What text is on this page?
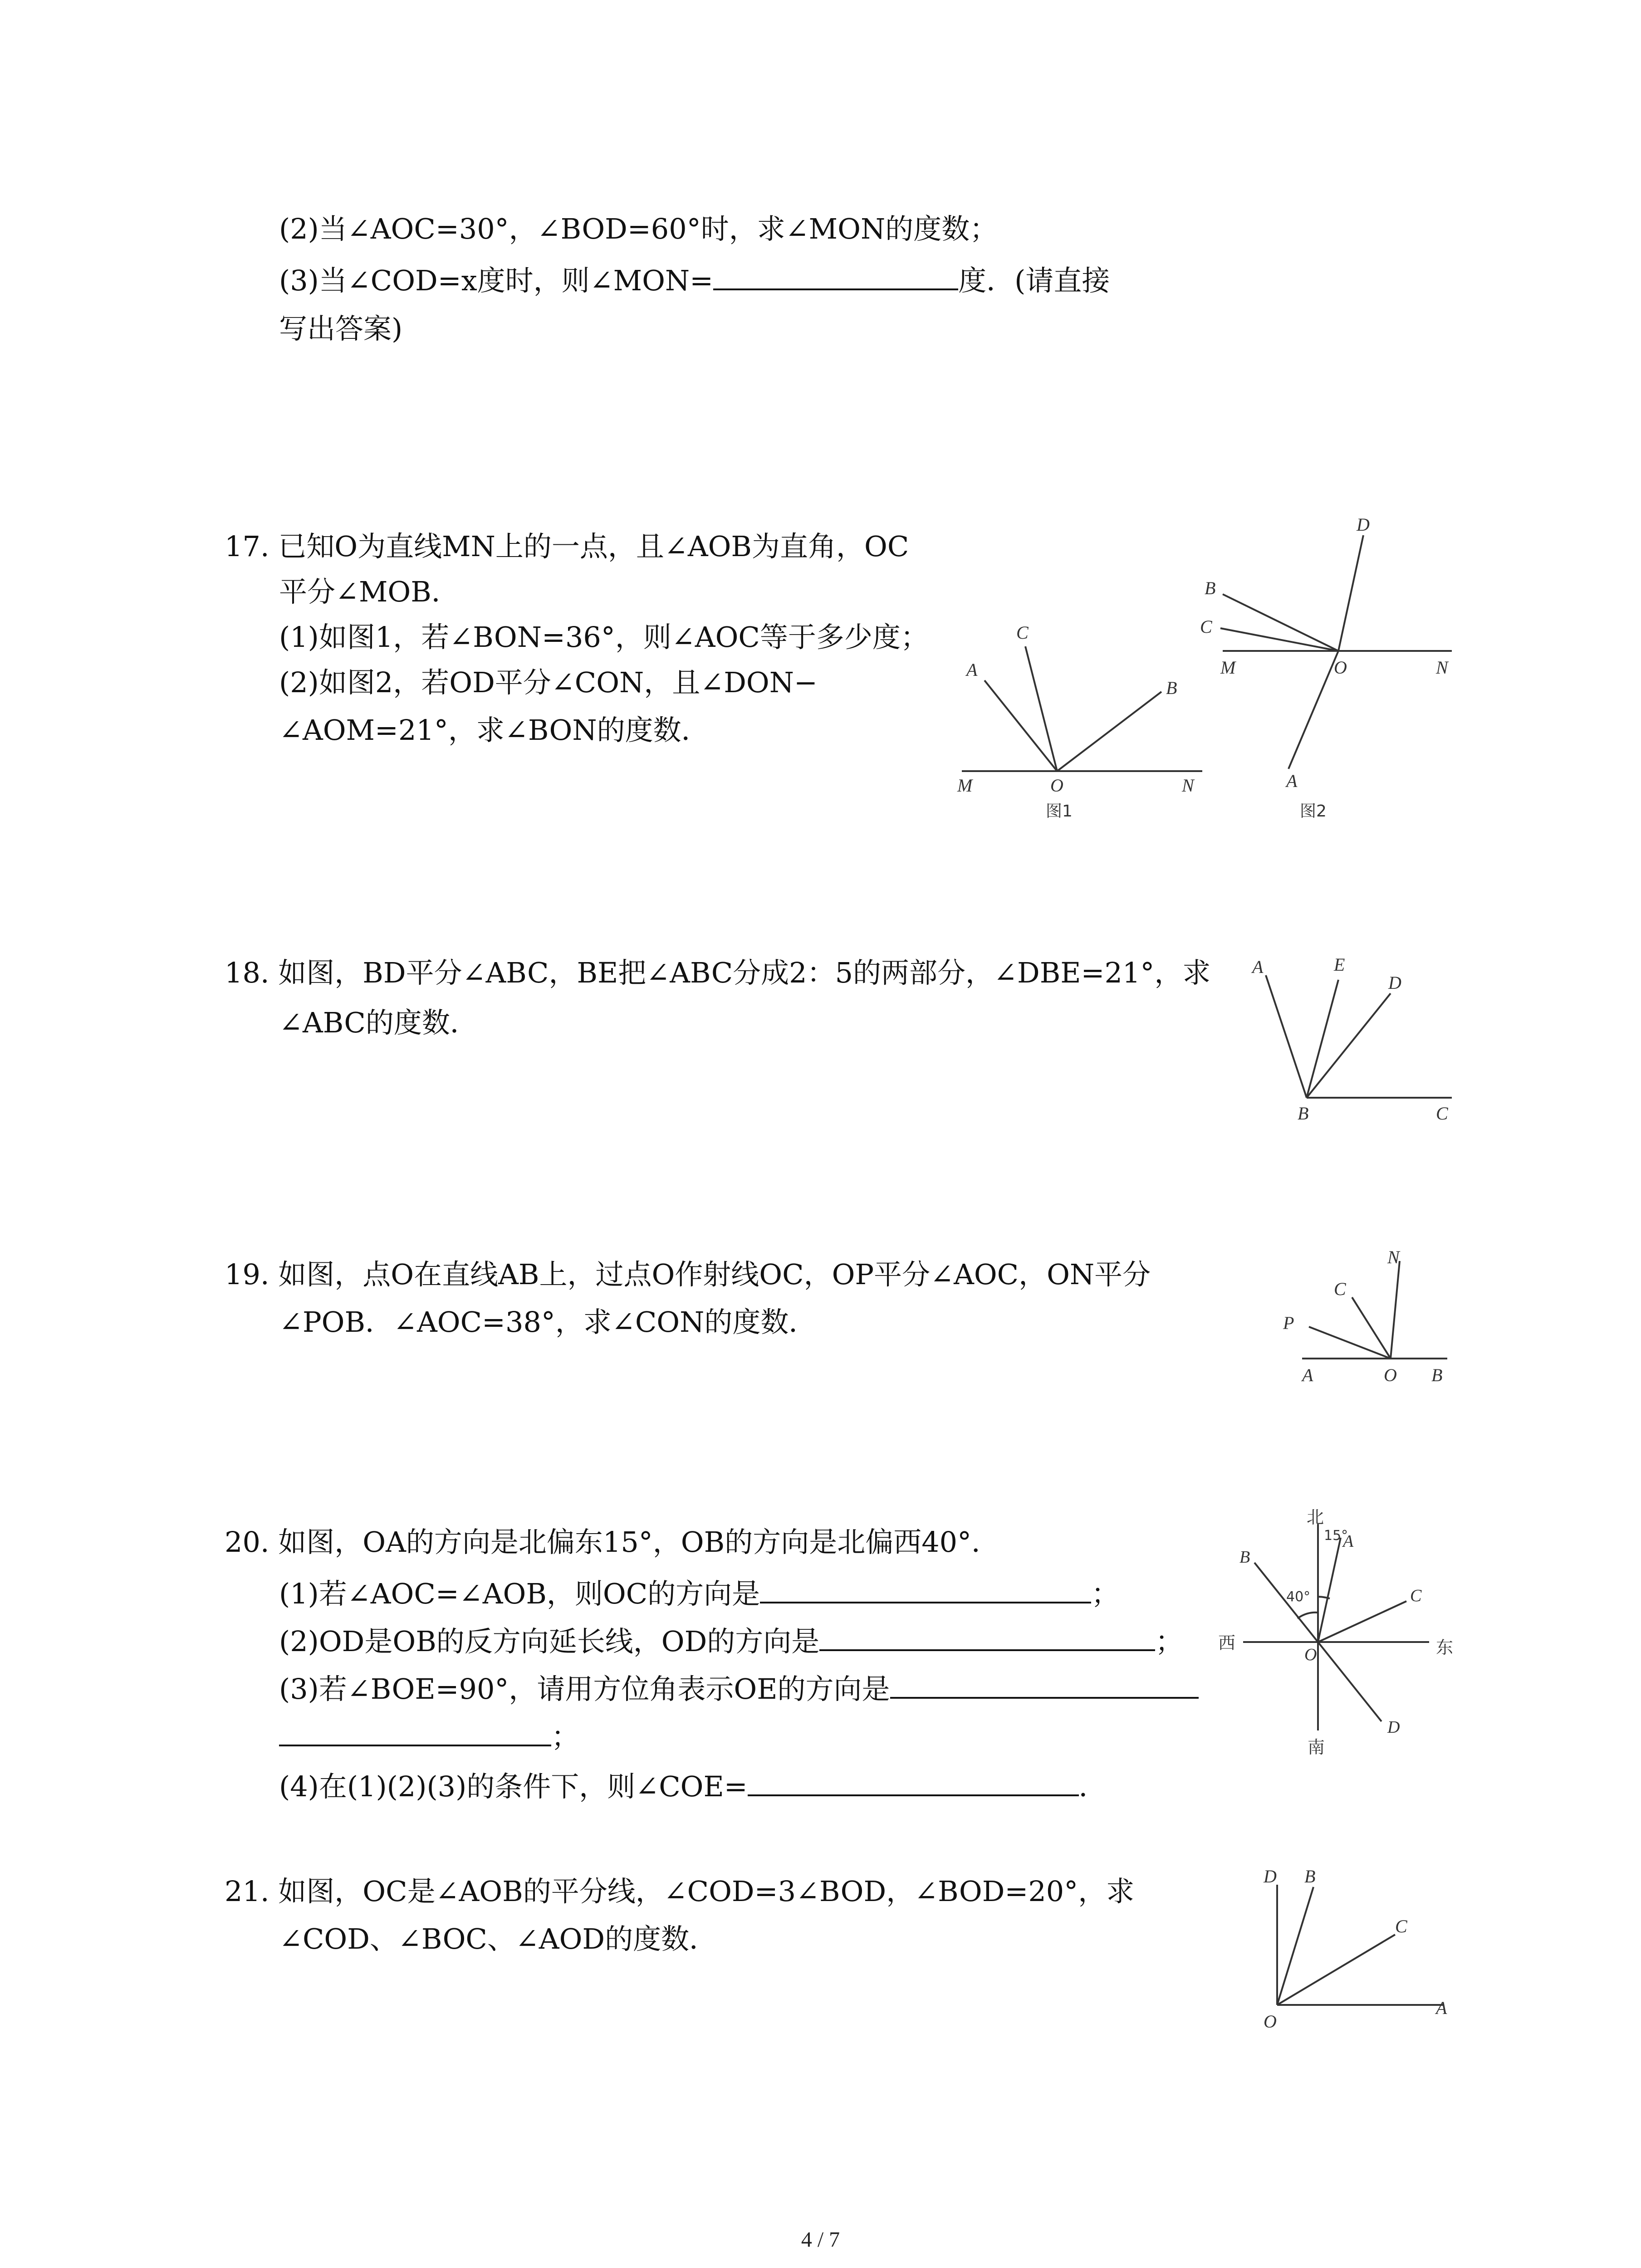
(2)当∠AOC=30°，∠BOD=60°时，求∠MON的度数；
(3)当∠COD=x度时，则∠MON=	度．(请直接
写出答案)
17. 已知O为直线MN上的一点，且∠AOB为直角，OC
平分∠MOB．
(1)如图1，若∠BON=36°，则∠AOC等于多少度；
(2)如图2，若OD平分∠CON，且∠DON−
∠AOM=21°，求∠BON的度数．
A
C
B
M	O	N
图1
D
B
C
M	O	N
A
图2
18. 如图，BD平分∠ABC，BE把∠ABC分成2：5的两部分，∠DBE=21°，求
∠ABC的度数．
A	E
D
B	C
19. 如图，点O在直线AB上，过点O作射线OC，OP平分∠AOC，ON平分
∠POB．∠AOC=38°，求∠CON的度数．
C
N
P
A	O B
20. 如图，OA的方向是北偏东15°，OB的方向是北偏西40°．
(1)若∠AOC=∠AOB，则OC的方向是	；
(2)OD是OB的反方向延长线，OD的方向是	；
(3)若∠BOE=90°，请用方位角表示OE的方向是
；
(4)在(1)(2)(3)的条件下，则∠COE=	．
北
南
西	东
15°
40°
A
B
C
D
O
21. 如图，OC是∠AOB的平分线，∠COD=3∠BOD，∠BOD=20°，求
∠COD、∠BOC、∠AOD的度数．
D B
C
O
A
4 / 7
